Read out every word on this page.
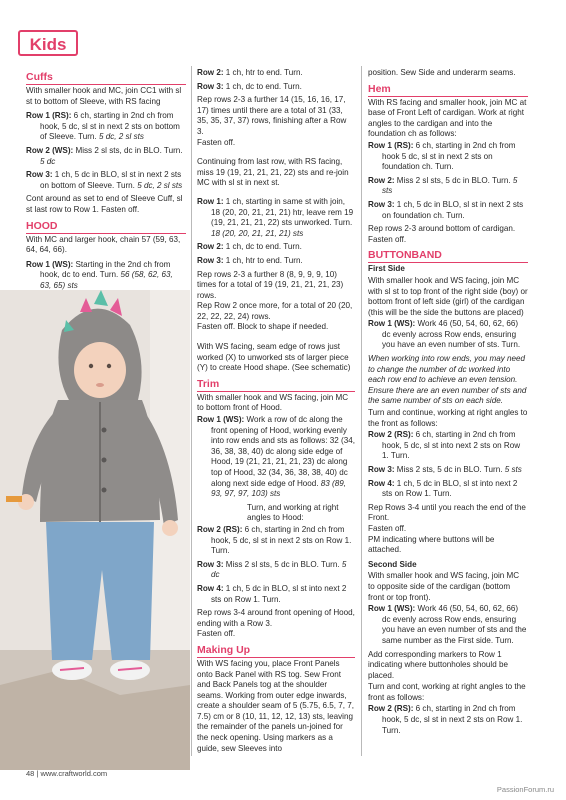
Kids
Cuffs

With smaller hook and MC, join CC1 with sl st to bottom of Sleeve, with RS facing

Row 1 (RS): 6 ch, starting in 2nd ch from hook, 5 dc, sl st in next 2 sts on bottom of Sleeve. Turn. 5 dc, 2 sl sts
Row 2 (WS): Miss 2 sl sts, dc in BLO. Turn. 5 dc
Row 3: 1 ch, 5 dc in BLO, sl st in next 2 sts on bottom of Sleeve. Turn. 5 dc, 2 sl sts

Cont around as set to end of Sleeve Cuff, sl st last row to Row 1. Fasten off.

HOOD

With MC and larger hook, chain 57 (59, 63, 64, 64, 66).

Row 1 (WS): Starting in the 2nd ch from hook, dc to end. Turn. 56 (58, 62, 63, 63, 65) sts
Row 2: 1 ch, htr to end. Turn.
Row 3: 1 ch, dc to end. Turn.

Rep rows 2-3 a further 14 (15, 16, 16, 17, 17) times until there are a total of 31 (33, 35, 35, 37, 37) rows, finishing after a Row 3.

Fasten off.

Continuing from last row, with RS facing, miss 19 (19, 21, 21, 21, 22) sts and re-join MC with sl st in next st.

Row 1: 1 ch, starting in same st with join, 18 (20, 20, 21, 21, 21) htr, leave rem 19 (19, 21, 21, 21, 22) sts unworked. Turn. 18 (20, 20, 21, 21, 21) sts
Row 2: 1 ch, dc to end. Turn.
Row 3: 1 ch, htr to end. Turn.

Rep rows 2-3 a further 8 (8, 9, 9, 9, 10) times for a total of 19 (19, 21, 21, 21, 23) rows.

Rep Row 2 once more, for a total of 20 (20, 22, 22, 22, 24) rows.

Fasten off. Block to shape if needed.

With WS facing, seam edge of rows just worked (X) to unworked sts of larger piece (Y) to create Hood shape. (See schematic)

Trim

With smaller hook and WS facing, join MC to bottom front of Hood.

Row 1 (WS): Work a row of dc along the front opening of Hood, working evenly into row ends and sts as follows: 32 (34, 36, 38, 38, 40) dc along side edge of Hood, 19 (21, 21, 21, 21, 23) dc along top of Hood, 32 (34, 36, 38, 38, 40) dc along next side edge of Hood. 83 (89, 93, 97, 97, 103) sts

Turn, and working at right angles to Hood:

Row 2 (RS): 6 ch, starting in 2nd ch from hook, 5 dc, sl st in next 2 sts on Row 1. Turn.
Row 3: Miss 2 sl sts, 5 dc in BLO. Turn. 5 dc
Row 4: 1 ch, 5 dc in BLO, sl st into next 2 sts on Row 1. Turn.

Rep rows 3-4 around front opening of Hood, ending with a Row 3.

Fasten off.

Making Up

With WS facing you, place Front Panels onto Back Panel with RS tog. Sew Front and Back Panels tog at the shoulder seams. Working from outer edge inwards, create a shoulder seam of 5 (5.75, 6.5, 7, 7, 7.5) cm or 8 (10, 11, 12, 12, 13) sts, leaving the remainder of the panels un-joined for the neck opening. Using markers as a guide, sew Sleeves into

position. Sew Side and underarm seams.

Hem

With RS facing and smaller hook, join MC at base of Front Left of cardigan. Work at right angles to the cardigan and into the foundation ch as follows:

Row 1 (RS): 6 ch, starting in 2nd ch from hook 5 dc, sl st in next 2 sts on foundation ch. Turn.
Row 2: Miss 2 sl sts, 5 dc in BLO. Turn. 5 sts
Row 3: 1 ch, 5 dc in BLO, sl st in next 2 sts on foundation ch. Turn.

Rep rows 2-3 around bottom of cardigan.

Fasten off.

BUTTONBAND
First Side

With smaller hook and WS facing, join MC with sl st to top front of the right side (boy) or bottom front of left side (girl) of the cardigan (this will be the side the buttons are placed)

Row 1 (WS): Work 46 (50, 54, 60, 62, 66) dc evenly across Row ends, ensuring you have an even number of sts. Turn.

When working into row ends, you may need to change the number of dc worked into each row end to achieve an even tension. Ensure there are an even number of sts and the same number of sts on each side.

Turn and continue, working at right angles to the front as follows:

Row 2 (RS): 6 ch, starting in 2nd ch from hook, 5 dc, sl st into next 2 sts on Row 1. Turn.
Row 3: Miss 2 sts, 5 dc in BLO. Turn. 5 sts
Row 4: 1 ch, 5 dc in BLO, sl st into next 2 sts on Row 1. Turn.

Rep Rows 3-4 until you reach the end of the Front.

Fasten off.

PM indicating where buttons will be attached.

Second Side

With smaller hook and WS facing, join MC to opposite side of the cardigan (bottom front or top front).

Row 1 (WS): Work 46 (50, 54, 60, 62, 66) dc evenly across Row ends, ensuring you have an even number of sts and the same number as the First side. Turn.

Add corresponding markers to Row 1 indicating where buttonholes should be placed.

Turn and cont, working at right angles to the front as follows:

Row 2 (RS): 6 ch, starting in 2nd ch from hook, 5 dc, sl st in next 2 sts on Row 1. Turn.
48 | www.craftworld.com
PassionForum.ru
